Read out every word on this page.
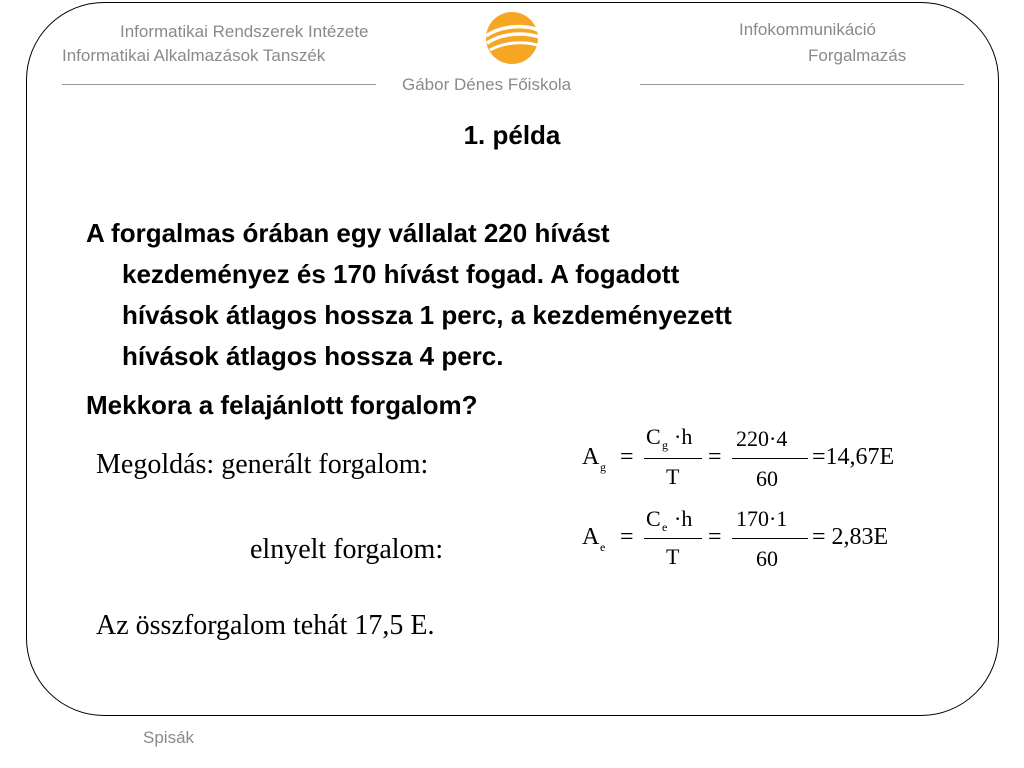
Informatikai Rendszerek Intézete
Informatikai Alkalmazások Tanszék
Gábor Dénes Főiskola
Infokommunikáció
Forgalmazás
1. példa
A forgalmas órában egy vállalat 220 hívást
kezdeményez és 170 hívást fogad. A fogadott
hívások átlagos hossza 1 perc, a kezdeményezett
hívások átlagos hossza 4 perc.
Mekkora a felajánlott forgalom?
Megoldás: generált forgalom:
elnyelt forgalom:
Az összforgalom tehát 17,5 E.
A g =
C g ·h
T
=
220·4
60
=14,67E
A e =
C e ·h
T
=
170·1
60
= 2,83E
Spisák
